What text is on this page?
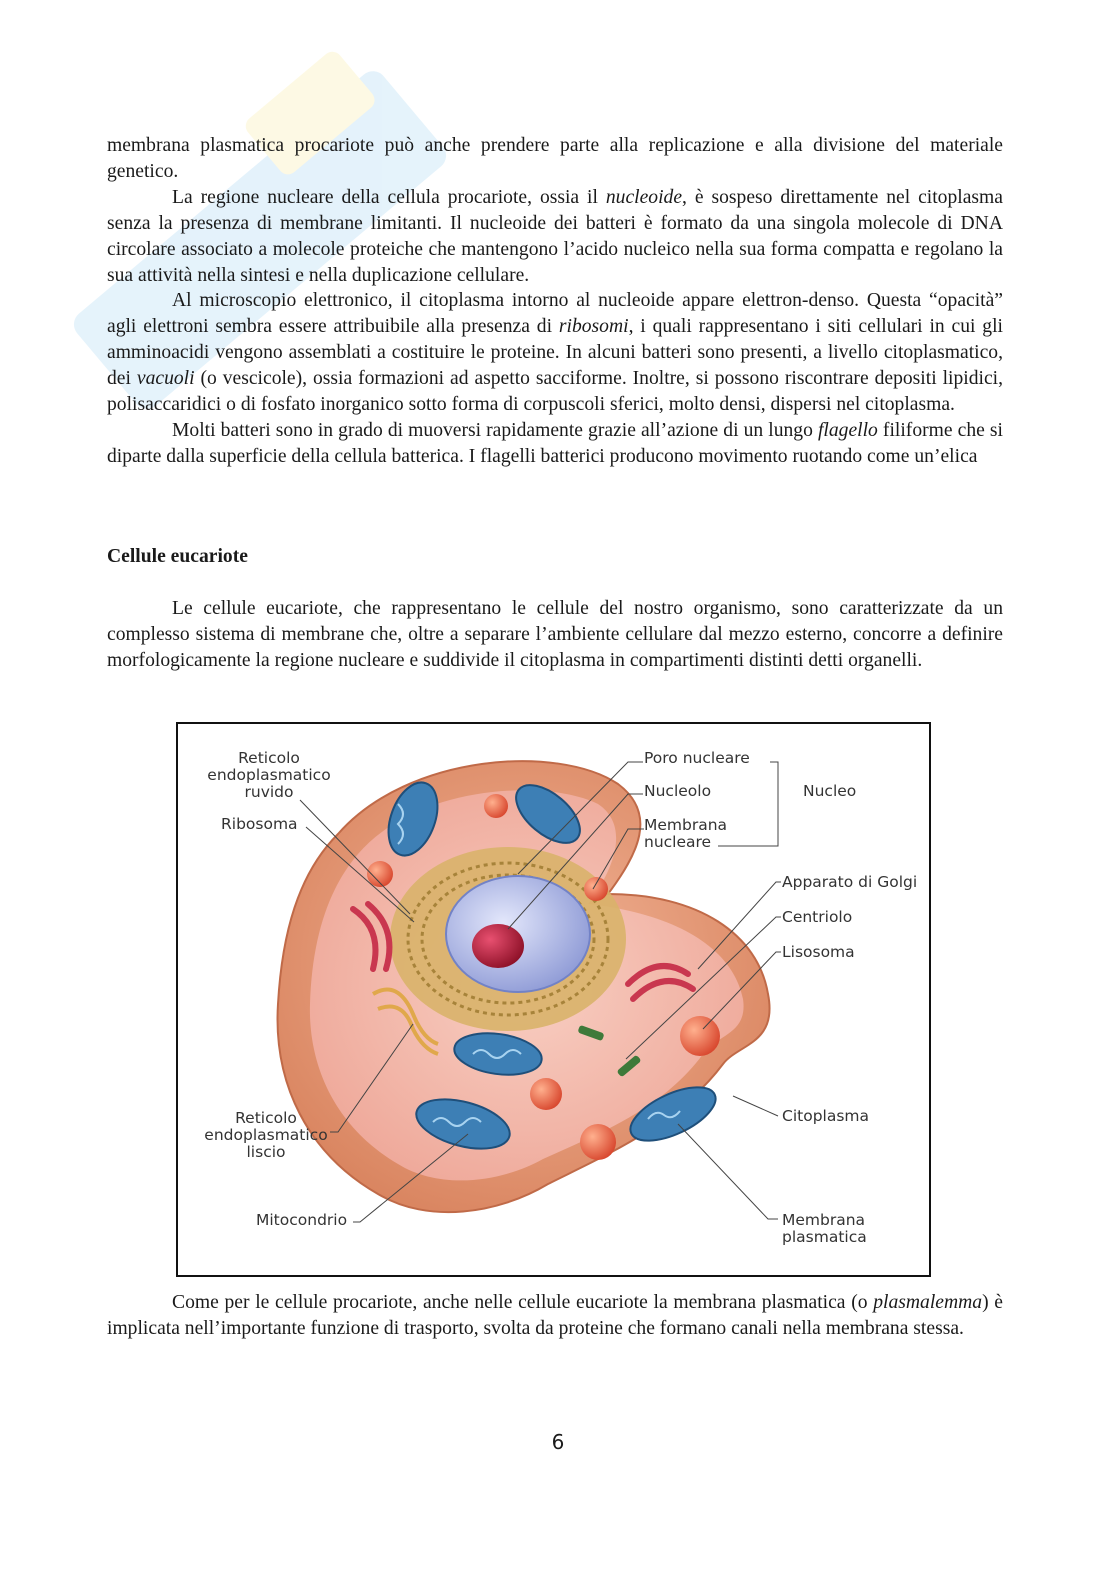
membrana plasmatica procariote può anche prendere parte alla replicazione e alla divisione del materiale genetico.

La regione nucleare della cellula procariote, ossia il nucleoide, è sospeso direttamente nel citoplasma senza la presenza di membrane limitanti. Il nucleoide dei batteri è formato da una singola molecole di DNA circolare associato a molecole proteiche che mantengono l’acido nucleico nella sua forma compatta e regolano la sua attività nella sintesi e nella duplicazione cellulare.

Al microscopio elettronico, il citoplasma intorno al nucleoide appare elettron-denso. Questa “opacità” agli elettroni sembra essere attribuibile alla presenza di ribosomi, i quali rappresentano i siti cellulari in cui gli amminoacidi vengono assemblati a costituire le proteine. In alcuni batteri sono presenti, a livello citoplasmatico, dei vacuoli (o vescicole), ossia formazioni ad aspetto sacciforme. Inoltre, si possono riscontrare depositi lipidici, polisaccaridici o di fosfato inorganico sotto forma di corpuscoli sferici, molto densi, dispersi nel citoplasma.

Molti batteri sono in grado di muoversi rapidamente grazie all’azione di un lungo flagello filiforme che si diparte dalla superficie della cellula batterica. I flagelli batterici producono movimento ruotando come un’elica

Cellule eucariote

Le cellule eucariote, che rappresentano le cellule del nostro organismo, sono caratterizzate da un complesso sistema di membrane che, oltre a separare l’ambiente cellulare dal mezzo esterno, concorre a definire morfologicamente la regione nucleare e suddivide il citoplasma in compartimenti distinti detti organelli.

Reticolo
endoplasmatico
ruvido
Ribosoma
Reticolo
endoplasmatico
liscio
Mitocondrio
Poro nucleare
Nucleolo
Membrana
nucleare
Nucleo
Apparato di Golgi
Centriolo
Lisosoma
Citoplasma
Membrana
plasmatica

Come per le cellule procariote, anche nelle cellule eucariote la membrana plasmatica (o plasmalemma) è implicata nell’importante funzione di trasporto, svolta da proteine che formano canali nella membrana stessa.

6
